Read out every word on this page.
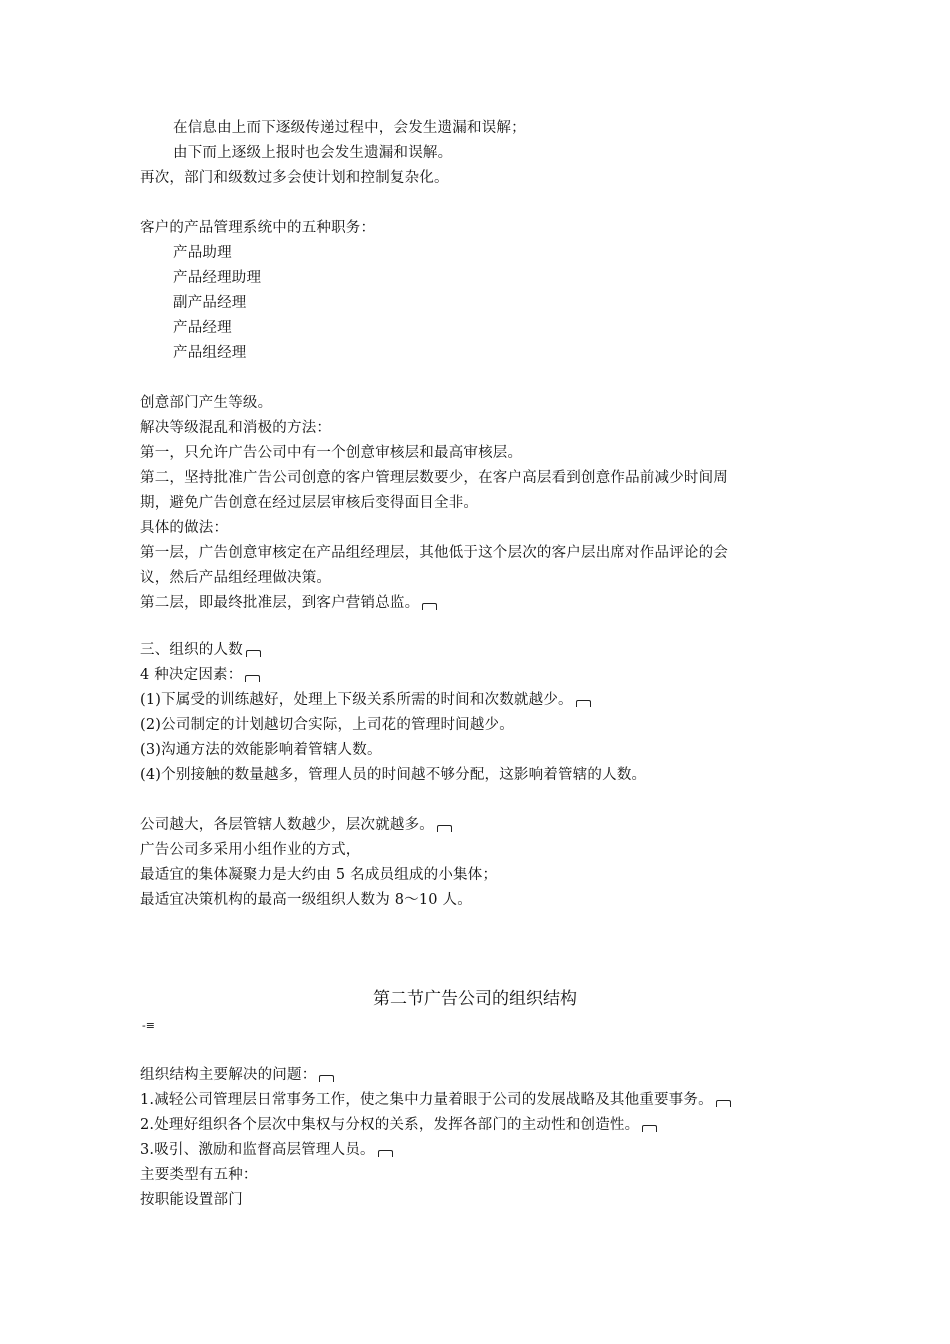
在信息由上而下逐级传递过程中，会发生遗漏和误解；
由下而上逐级上报时也会发生遗漏和误解。
再次，部门和级数过多会使计划和控制复杂化。
客户的产品管理系统中的五种职务：
产品助理
产品经理助理
副产品经理
产品经理
产品组经理
创意部门产生等级。
解决等级混乱和消极的方法：
第一，只允许广告公司中有一个创意审核层和最高审核层。
第二，坚持批准广告公司创意的客户管理层数要少，在客户高层看到创意作品前减少时间周
期，避免广告创意在经过层层审核后变得面目全非。
具体的做法：
第一层，广告创意审核定在产品组经理层，其他低于这个层次的客户层出席对作品评论的会
议，然后产品组经理做决策。
第二层，即最终批准层，到客户营销总监。
三、组织的人数
4 种决定因素：
(1)下属受的训练越好，处理上下级关系所需的时间和次数就越少。
(2)公司制定的计划越切合实际，上司花的管理时间越少。
(3)沟通方法的效能影响着管辖人数。
(4)个别接触的数量越多，管理人员的时间越不够分配，这影响着管辖的人数。
公司越大，各层管辖人数越少，层次就越多。
广告公司多采用小组作业的方式，
最适宜的集体凝聚力是大约由 5 名成员组成的小集体；
最适宜决策机构的最高一级组织人数为 8～10 人。
第二节广告公司的组织结构
-≡
组织结构主要解决的问题：
1.减轻公司管理层日常事务工作，使之集中力量着眼于公司的发展战略及其他重要事务。
2.处理好组织各个层次中集权与分权的关系，发挥各部门的主动性和创造性。
3.吸引、激励和监督高层管理人员。
主要类型有五种：
按职能设置部门
